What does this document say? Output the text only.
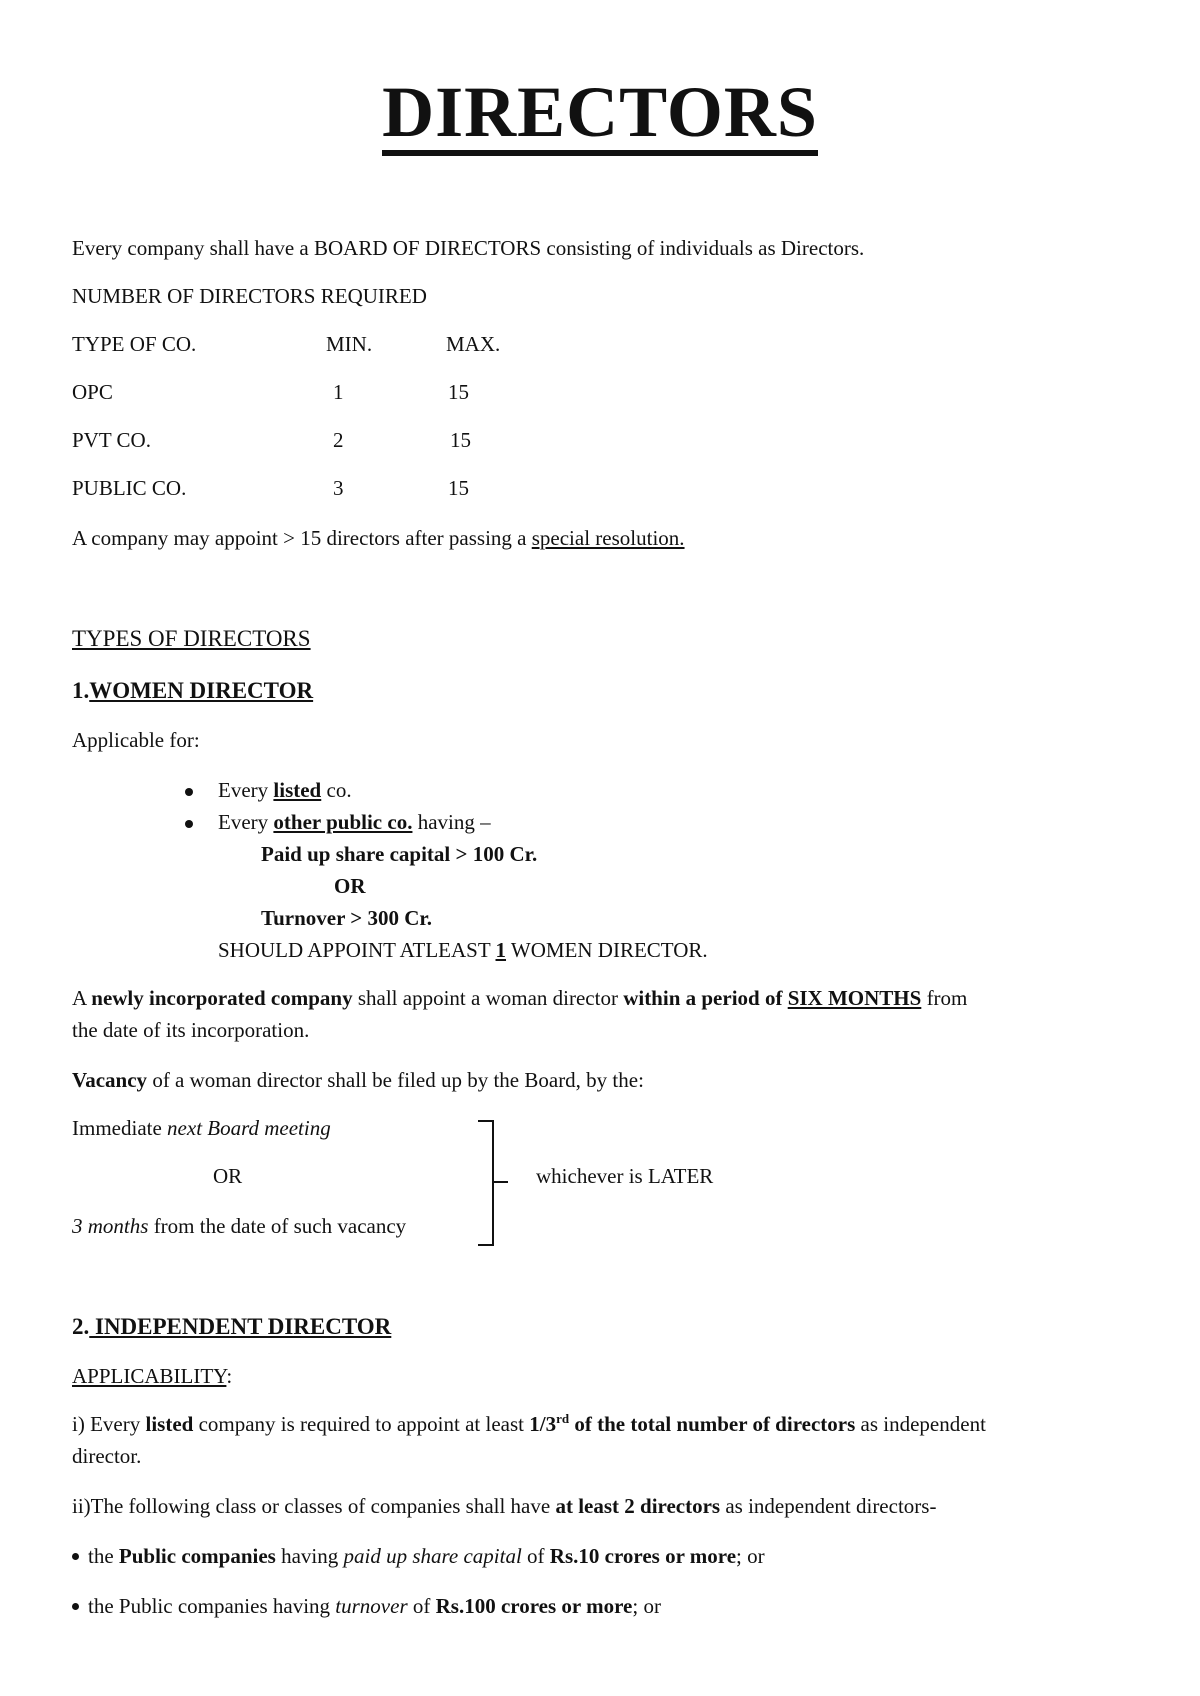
DIRECTORS
Every company shall have a BOARD OF DIRECTORS consisting of individuals as Directors.
NUMBER OF DIRECTORS REQUIRED
TYPE OF CO.	MIN.	MAX.
OPC	1	15
PVT CO.	2	15
PUBLIC CO.	3	15
A company may appoint > 15 directors after passing a special resolution.
TYPES OF DIRECTORS
1.WOMEN DIRECTOR
Applicable for:
Every listed co.
Every other public co. having –
Paid up share capital > 100 Cr.
OR
Turnover > 300 Cr.
SHOULD APPOINT ATLEAST 1 WOMEN DIRECTOR.
A newly incorporated company shall appoint a woman director within a period of SIX MONTHS from
the date of its incorporation.
Vacancy of a woman director shall be filed up by the Board, by the:
Immediate next Board meeting
OR
3 months from the date of such vacancy
whichever is LATER
2. INDEPENDENT DIRECTOR
APPLICABILITY:
i) Every listed company is required to appoint at least 1/3rd of the total number of directors as independent
director.
ii)The following class or classes of companies shall have at least 2 directors as independent directors-
the Public companies having paid up share capital of Rs.10 crores or more; or
the Public companies having turnover of Rs.100 crores or more; or
